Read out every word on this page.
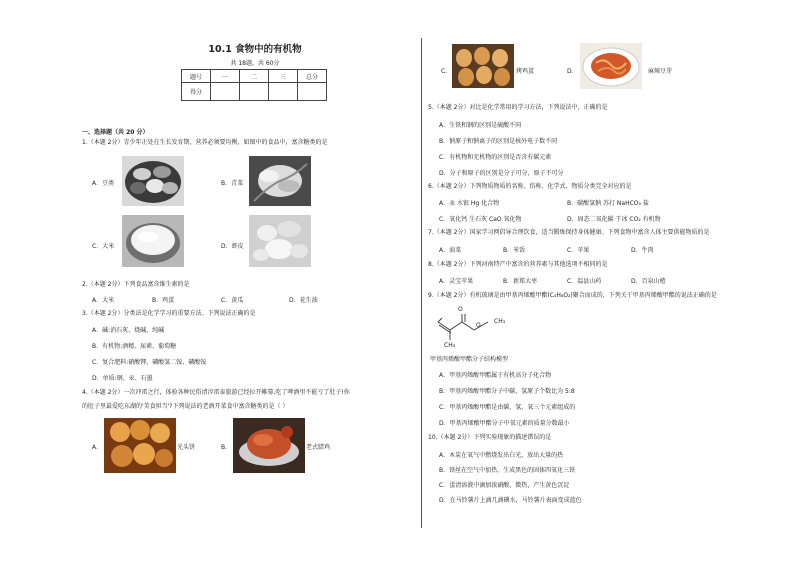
10.1 食物中的有机物
共 18题，共 60分
题号	一	二	三	总分
得分				
一、选择题（共 20 分）
1.（本题 2分）青少年正处在生长发育期，营养必须要均衡，如图中的食品中，富含糖类的是
A．豆类	B．青菜
C．大米	D．虾皮
2.（本题 2分）下列食品富含维生素的是
A．大米	B．鸡蛋	C．黄瓜	D．花生油
3.（本题 2分）分类法是化学学习的重要方法。下列说法正确的是
A．碱:消石灰、烧碱、纯碱
B．有机物:酒精、尿素、葡萄糖
C．复合肥料:硝酸钾、磷酸氢二铵、磷酸铵
D．单质:钢、汞、石墨
4.（本题 2分）一次冲雷之行，体验各种民俗清淳雷泰旅游已经拉开帷幕,吃了啤酒里不能亏了肚子!你
的肚子里最爱吃东湖的'美食担当'?下列说法的老酒开菜食中富含糖类的是（ ）
A．	光头饼	B．	老式腊鸡
C．	烤鸡蛋	D．	麻辣豆芽
5.（本题 2分）对比是化学常用的学习方法，下列说法中，正确的是
A．生铁和钢的区别是硫酸不同
B．钠原子和钠离子的区别是核外电子数不同
C．有机物和无机物的区别是否含有碳元素
D．分子和原子的区别是分子可分，原子不可分
6.（本题 2分）下列物质物质的名称、俗称、化学式、物质分类完全对应的是
A．汞 水银 Hg 化合物	B．碳酸氢钠 苏打 NaHCO₃ 盐
C．氧化钙 生石灰 CaO 氧化物	D．固态二氧化碳 干冰 CO₂ 有机物
7.（本题 2分）国家学习网倡导合理饮食，适当锻炼保持身体健康。下列食物中富含人体主要供能物质的是
A．油菜	B．米饭	C．苹果	D．牛肉
8.（本题 2分）下列河南特产中富含的营养素与其他选项不相同的是
A．灵宝苹果	B．新郑大枣	C．温县山药	D．百泉山楂
9.（本题 2分）有机玻璃是由甲基丙烯酸甲酯(C₅H₈O₂)聚合而成的，下列关于甲基丙烯酸甲酯的说法正确的是
O
O
CH₃
CH₃
甲基丙烯酸甲酯分子结构模型
A．甲基丙烯酸甲酯属于有机高分子化合物
B．甲基丙烯酸甲酯分子中碳、氢原子个数比为 5:8
C．甲基丙烯酸甲酯是由碳、氢、氧三个元素组成的
D．甲基丙烯酸甲酯分子中氧元素的质量分数最小
10.（本题 2分）下列实验现象的描述错误的是
A．木炭在氧气中燃烧发出白光，放出大量的热
B．铁丝在空气中加热，生成黑色的固体四氧化三铁
C．蛋清溶液中滴加浓硝酸，微热，产生黄色沉淀
D．在马铃薯片上滴几滴碘水，马铃薯片表面变成蓝色
